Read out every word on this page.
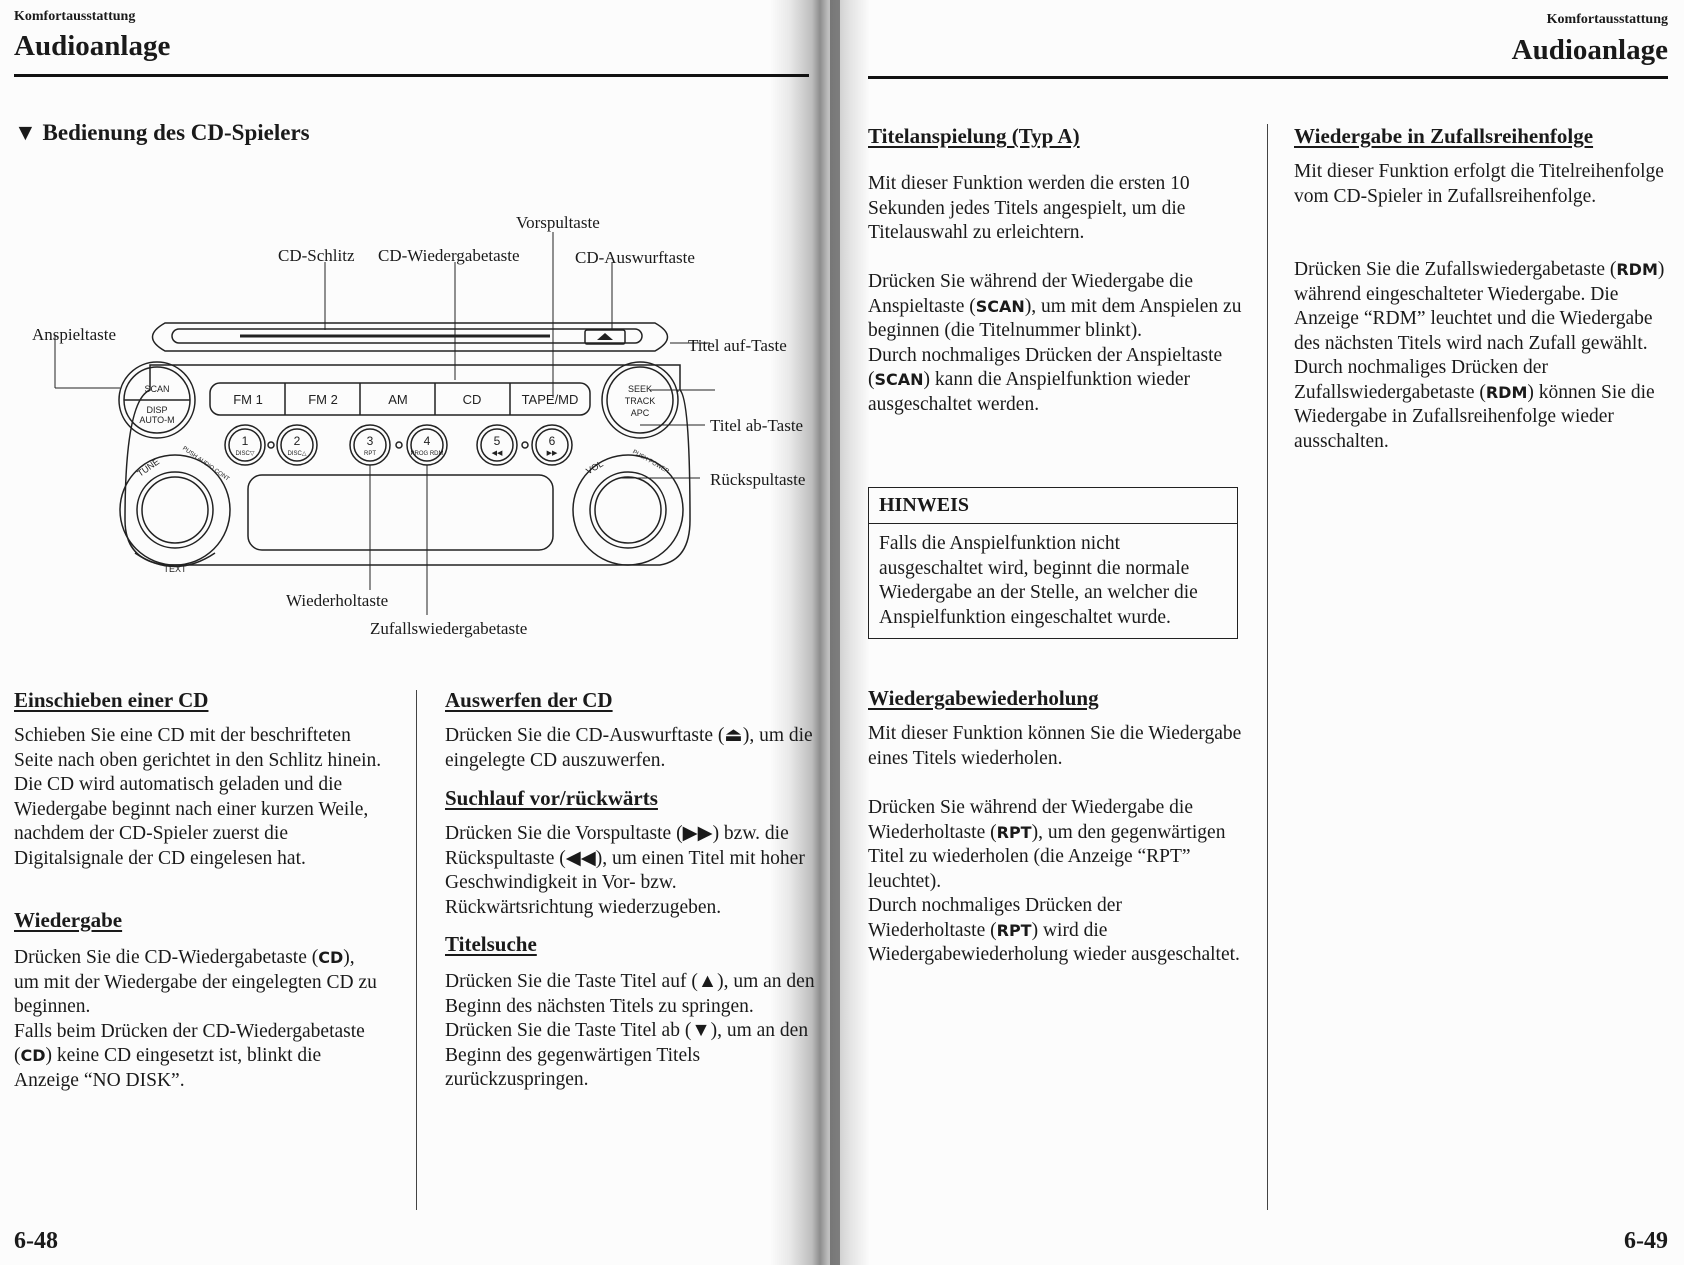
Komfortausstattung
Audioanlage
Komfortausstattung
Audioanlage
▼ Bedienung des CD-Spielers
FM 1	FM 2	AM	CD	TAPE/MD
SCAN
DISP
AUTO-M
SEEK
TRACK
APC
1
DISC▽
2
DISC△
3
RPT
4
PROG RDM
5
◀◀
6
▶▶
TUNE	PUSH AUDIO CONT	VOL	PUSH POWER
TEXT
Vorspultaste
CD-Schlitz CD-Wiedergabetaste	CD-Auswurftaste
Anspieltaste
Titel auf-Taste
Titel ab-Taste
Rückspultaste
Wiederholtaste
Zufallswiedergabetaste
Einschieben einer CD
Schieben Sie eine CD mit der beschrifteten Seite nach oben gerichtet in den Schlitz hinein. Die CD wird automatisch geladen und die Wiedergabe beginnt nach einer kurzen Weile, nachdem der CD-Spieler zuerst die Digitalsignale der CD eingelesen hat.
Wiedergabe
Drücken Sie die CD-Wiedergabetaste (CD), um mit der Wiedergabe der eingelegten CD zu beginnen.
Falls beim Drücken der CD-Wiedergabetaste (CD) keine CD eingesetzt ist, blinkt die Anzeige “NO DISK”.
Auswerfen der CD
Drücken Sie die CD-Auswurftaste (⏏), um die eingelegte CD auszuwerfen.
Suchlauf vor/rückwärts
Drücken Sie die Vorspultaste (▶▶) bzw. die Rückspultaste (◀◀), um einen Titel mit hoher Geschwindigkeit in Vor- bzw. Rückwärtsrichtung wiederzugeben.
Titelsuche
Drücken Sie die Taste Titel auf (▲), um an den Beginn des nächsten Titels zu springen.
Drücken Sie die Taste Titel ab (▼), um an den Beginn des gegenwärtigen Titels zurückzuspringen.
6-48
Titelanspielung (Typ A)
Mit dieser Funktion werden die ersten 10 Sekunden jedes Titels angespielt, um die Titelauswahl zu erleichtern.
Drücken Sie während der Wiedergabe die Anspieltaste (SCAN), um mit dem Anspielen zu beginnen (die Titelnummer blinkt).
Durch nochmaliges Drücken der Anspieltaste (SCAN) kann die Anspielfunktion wieder ausgeschaltet werden.
HINWEIS
Falls die Anspielfunktion nicht ausgeschaltet wird, beginnt die normale Wiedergabe an der Stelle, an welcher die Anspielfunktion eingeschaltet wurde.
Wiedergabewiederholung
Mit dieser Funktion können Sie die Wiedergabe eines Titels wiederholen.
Drücken Sie während der Wiedergabe die Wiederholtaste (RPT), um den gegenwärtigen Titel zu wiederholen (die Anzeige “RPT” leuchtet).
Durch nochmaliges Drücken der Wiederholtaste (RPT) wird die Wiedergabewiederholung wieder ausgeschaltet.
Wiedergabe in Zufallsreihenfolge
Mit dieser Funktion erfolgt die Titelreihenfolge vom CD-Spieler in Zufallsreihenfolge.
Drücken Sie die Zufallswiedergabetaste (RDM) während eingeschalteter Wiedergabe. Die Anzeige “RDM” leuchtet und die Wiedergabe des nächsten Titels wird nach Zufall gewählt.
Durch nochmaliges Drücken der Zufallswiedergabetaste (RDM) können Sie die Wiedergabe in Zufallsreihenfolge wieder ausschalten.
6-49
